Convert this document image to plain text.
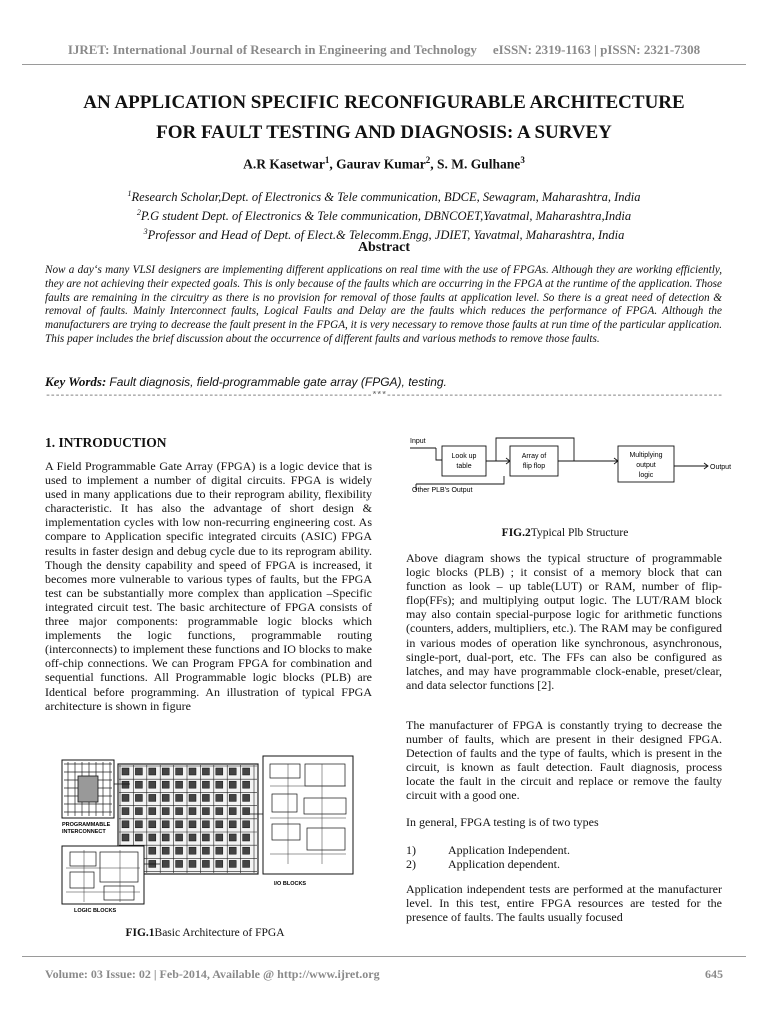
IJRET: International Journal of Research in Engineering and Technology eISSN: 2319-1163 | pISSN: 2321-7308
AN APPLICATION SPECIFIC RECONFIGURABLE ARCHITECTURE
FOR FAULT TESTING AND DIAGNOSIS: A SURVEY
A.R Kasetwar$^1$, Gaurav Kumar$^2$, S. M. Gulhane$^3$
$^1$Research Scholar,Dept. of Electronics & Tele communication, BDCE, Sewagram, Maharashtra, India
$^2$P.G student Dept. of Electronics & Tele communication, DBNCOET,Yavatmal, Maharashtra,India
$^3$Professor and Head of Dept. of Elect.& Telecomm.Engg, JDIET, Yavatmal, Maharashtra, India
Abstract
Now a day‘s many VLSI designers are implementing different applications on real time with the use of FPGAs. Although they are working efficiently, they are not achieving their expected goals. This is only because of the faults which are occurring in the FPGA at the runtime of the application. Those faults are remaining in the circuitry as there is no provision for removal of those faults at application level. So there is a great need of detection & removal of faults. Mainly Interconnect faults, Logical Faults and Delay are the faults which reduces the performance of FPGA. Although the manufacturers are trying to decrease the fault present in the FPGA, it is very necessary to remove those faults at run time of the particular application. This paper includes the brief discussion about the occurrence of different faults and various methods to remove those faults.
Key Words: Fault diagnosis, field-programmable gate array (FPGA), testing.
--------------------------------------------------------------------***----------------------------------------------------------------------
1. INTRODUCTION
A Field Programmable Gate Array (FPGA) is a logic device that is used to implement a number of digital circuits. FPGA is widely used in many applications due to their reprogram ability, flexibility characteristic. It has also the advantage of short design & implementation cycles with low non-recurring engineering cost. As compare to Application specific integrated circuits (ASIC) FPGA results in faster design and debug cycle due to its reprogram ability. Though the density capability and speed of FPGA is increased, it becomes more vulnerable to various types of faults, but the FPGA test can be substantially more complex than application –Specific integrated circuit test. The basic architecture of FPGA consists of three major components: programmable logic blocks which implements the logic functions, programmable routing (interconnects) to implement these functions and IO blocks to make off-chip connections. We can Program FPGA for combination and sequential functions. All Programmable logic blocks (PLB) are Identical before programming. An illustration of typical FPGA architecture is shown in figure
PROGRAMMABLE
INTERCONNECT
I/O BLOCKS
LOGIC BLOCKS
FIG.1Basic Architecture of FPGA
Input
Look up
table
Array of
flip flop
Multiplying
output
logic
Output
Other PLB's Output
FIG.2Typical Plb Structure
Above diagram shows the typical structure of programmable logic blocks (PLB) ; it consist of a memory block that can function as look – up table(LUT) or RAM, number of flip-flop(FFs); and multiplying output logic. The LUT/RAM block may also contain special-purpose logic for arithmetic functions (counters, adders, multipliers, etc.). The RAM may be configured in various modes of operation like synchronous, asynchronous, single-port, dual-port, etc. The FFs can also be configured as latches, and may have programmable clock-enable, preset/clear, and data selector functions [2].
The manufacturer of FPGA is constantly trying to decrease the number of faults, which are present in their designed FPGA. Detection of faults and the type of faults, which is present in the circuit, is known as fault detection. Fault diagnosis, process locate the fault in the circuit and replace or remove the faulty circuit with a good one.
In general, FPGA testing is of two types
1)	Application Independent.
2)	Application dependent.
Application independent tests are performed at the manufacturer level. In this test, entire FPGA resources are tested for the presence of faults. The faults usually focused
Volume: 03 Issue: 02 | Feb-2014, Available @ http://www.ijret.org	645
